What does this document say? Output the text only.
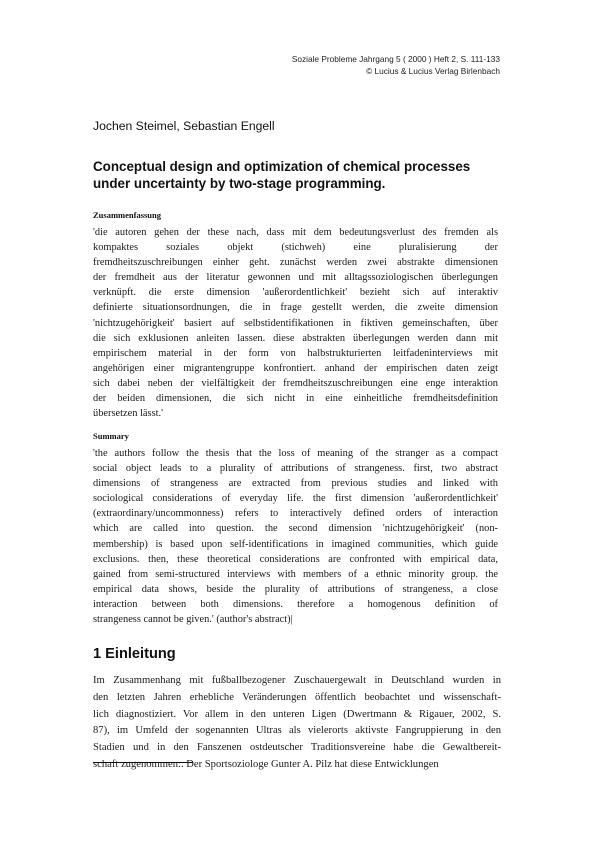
Soziale Probleme Jahrgang 5 ( 2000 ) Heft 2, S. 111-133
© Lucius & Lucius Verlag Birlenbach
Jochen Steimel, Sebastian Engell
Conceptual design and optimization of chemical processes
under uncertainty by two-stage programming.
Zusammenfassung
'die autoren gehen der these nach, dass mit dem bedeutungsverlust des fremden als
kompaktes soziales objekt (stichweh) eine pluralisierung der
fremdheitszuschreibungen einher geht. zunächst werden zwei abstrakte dimensionen
der fremdheit aus der literatur gewonnen und mit alltagssoziologischen überlegungen
verknüpft. die erste dimension 'außerordentlichkeit' bezieht sich auf interaktiv
definierte situationsordnungen, die in frage gestellt werden, die zweite dimension
'nichtzugehörigkeit' basiert auf selbstidentifikationen in fiktiven gemeinschaften, über
die sich exklusionen anleiten lassen. diese abstrakten überlegungen werden dann mit
empirischem material in der form von halbstrukturierten leitfadeninterviews mit
angehörigen einer migrantengruppe konfrontiert. anhand der empirischen daten zeigt
sich dabei neben der vielfältigkeit der fremdheitszuschreibungen eine enge interaktion
der beiden dimensionen, die sich nicht in eine einheitliche fremdheitsdefinition
übersetzen lässt.'
Summary
'the authors follow the thesis that the loss of meaning of the stranger as a compact
social object leads to a plurality of attributions of strangeness. first, two abstract
dimensions of strangeness are extracted from previous studies and linked with
sociological considerations of everyday life. the first dimension 'außerordentlichkeit'
(extraordinary/uncommonness) refers to interactively defined orders of interaction
which are called into question. the second dimension 'nichtzugehörigkeit' (non-
membership) is based upon self-identifications in imagined communities, which guide
exclusions. then, these theoretical considerations are confronted with empirical data,
gained from semi-structured interviews with members of a ethnic minority group. the
empirical data shows, beside the plurality of attributions of strangeness, a close
interaction between both dimensions. therefore a homogenous definition of
strangeness cannot be given.' (author's abstract)|
1 Einleitung
Im Zusammenhang mit fußballbezogener Zuschauergewalt in Deutschland wurden in
den letzten Jahren erhebliche Veränderungen öffentlich beobachtet und wissenschaft-
lich diagnostiziert. Vor allem in den unteren Ligen (Dwertmann & Rigauer, 2002, S.
87), im Umfeld der sogenannten Ultras als vielerorts aktivste Fangruppierung in den
Stadien und in den Fanszenen ostdeutscher Traditionsvereine habe die Gewaltbereit-
schaft zugenommen:. Der Sportsoziologe Gunter A. Pilz hat diese Entwicklungen
